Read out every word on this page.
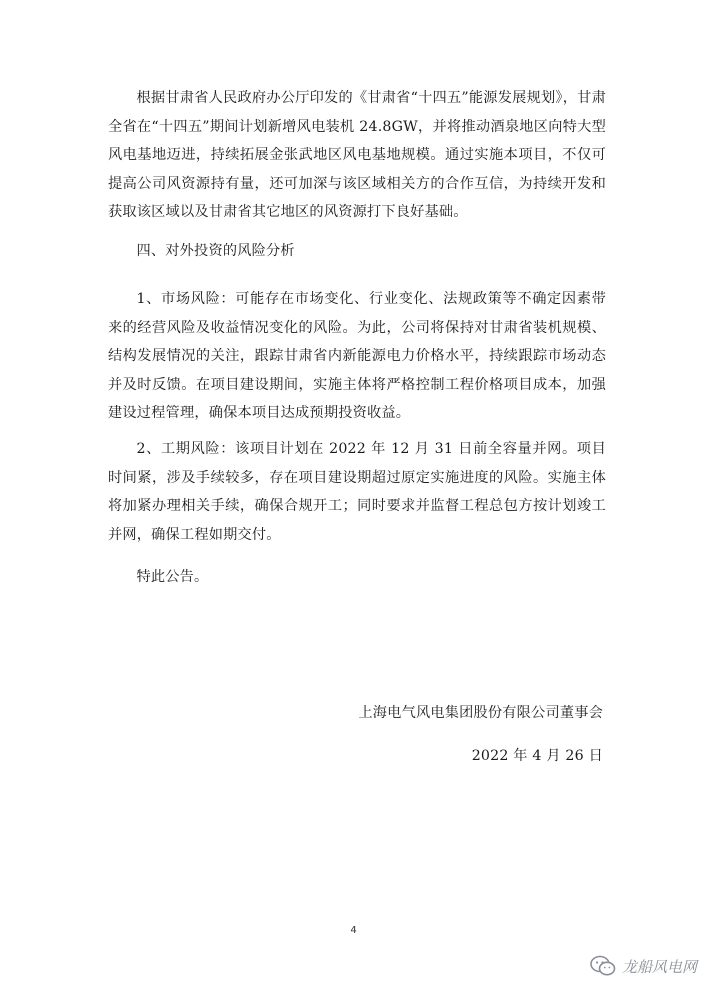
根据甘肃省人民政府办公厅印发的《甘肃省“十四五”能源发展规划》，甘肃全省在“十四五”期间计划新增风电装机 24.8GW，并将推动酒泉地区向特大型风电基地迈进，持续拓展金张武地区风电基地规模。通过实施本项目，不仅可提高公司风资源持有量，还可加深与该区域相关方的合作互信，为持续开发和获取该区域以及甘肃省其它地区的风资源打下良好基础。

四、对外投资的风险分析

1、市场风险：可能存在市场变化、行业变化、法规政策等不确定因素带来的经营风险及收益情况变化的风险。为此，公司将保持对甘肃省装机规模、结构发展情况的关注，跟踪甘肃省内新能源电力价格水平，持续跟踪市场动态并及时反馈。在项目建设期间，实施主体将严格控制工程价格项目成本，加强建设过程管理，确保本项目达成预期投资收益。

2、工期风险：该项目计划在 2022 年 12 月 31 日前全容量并网。项目时间紧，涉及手续较多，存在项目建设期超过原定实施进度的风险。实施主体将加紧办理相关手续，确保合规开工；同时要求并监督工程总包方按计划竣工并网，确保工程如期交付。

特此公告。

上海电气风电集团股份有限公司董事会

2022 年 4 月 26 日

4
龙船风电网
